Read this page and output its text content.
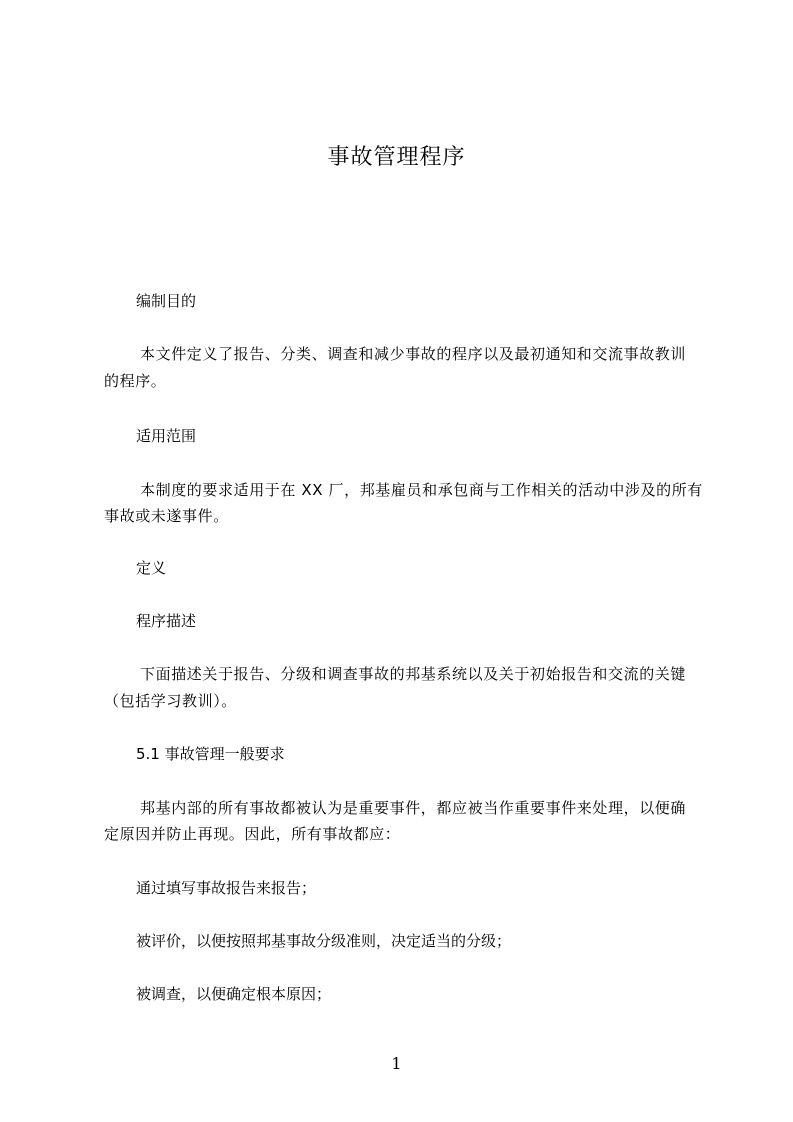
事故管理程序
编制目的
本文件定义了报告、分类、调查和减少事故的程序以及最初通知和交流事故教训
的程序。
适用范围
本制度的要求适用于在 XX 厂，邦基雇员和承包商与工作相关的活动中涉及的所有
事故或未遂事件。
定义
程序描述
下面描述关于报告、分级和调查事故的邦基系统以及关于初始报告和交流的关键
（包括学习教训）。
5.1 事故管理一般要求
邦基内部的所有事故都被认为是重要事件，都应被当作重要事件来处理，以便确
定原因并防止再现。因此，所有事故都应：
通过填写事故报告来报告；
被评价，以便按照邦基事故分级准则，决定适当的分级；
被调查，以便确定根本原因；
1
